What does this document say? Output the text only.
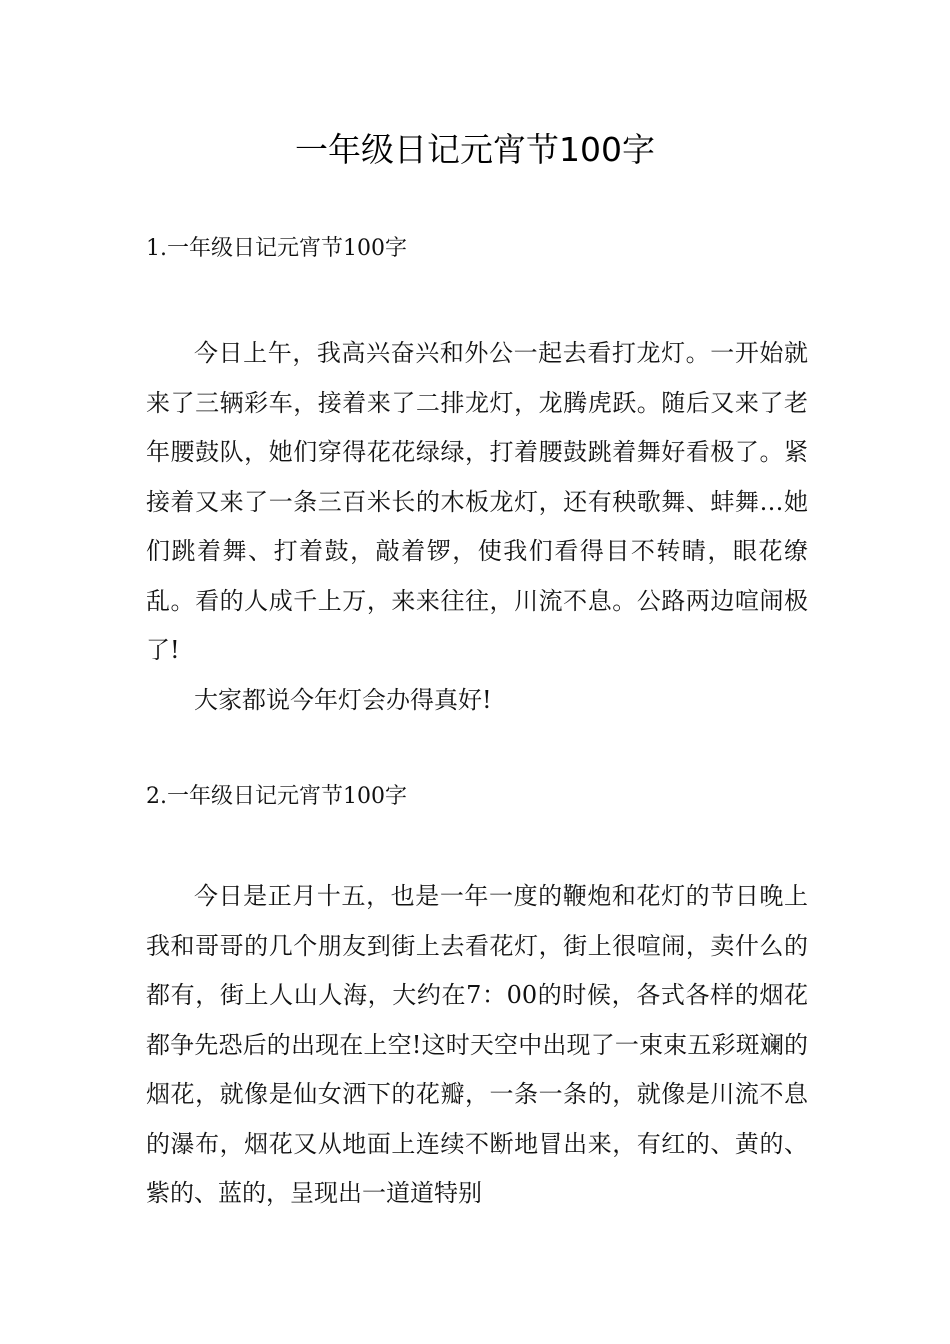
一年级日记元宵节100字
1.一年级日记元宵节100字

今日上午，我高兴奋兴和外公一起去看打龙灯。一开始就来了三辆彩车，接着来了二排龙灯，龙腾虎跃。随后又来了老年腰鼓队，她们穿得花花绿绿，打着腰鼓跳着舞好看极了。紧接着又来了一条三百米长的木板龙灯，还有秧歌舞、蚌舞…她们跳着舞、打着鼓，敲着锣，使我们看得目不转睛，眼花缭乱。看的人成千上万，来来往往，川流不息。公路两边喧闹极了!

大家都说今年灯会办得真好!

2.一年级日记元宵节100字

今日是正月十五，也是一年一度的鞭炮和花灯的节日晚上我和哥哥的几个朋友到街上去看花灯，街上很喧闹，卖什么的都有，街上人山人海，大约在7：00的时候，各式各样的烟花都争先恐后的出现在上空!这时天空中出现了一束束五彩斑斓的烟花，就像是仙女洒下的花瓣，一条一条的，就像是川流不息的瀑布，烟花又从地面上连续不断地冒出来，有红的、黄的、紫的、蓝的，呈现出一道道特别
